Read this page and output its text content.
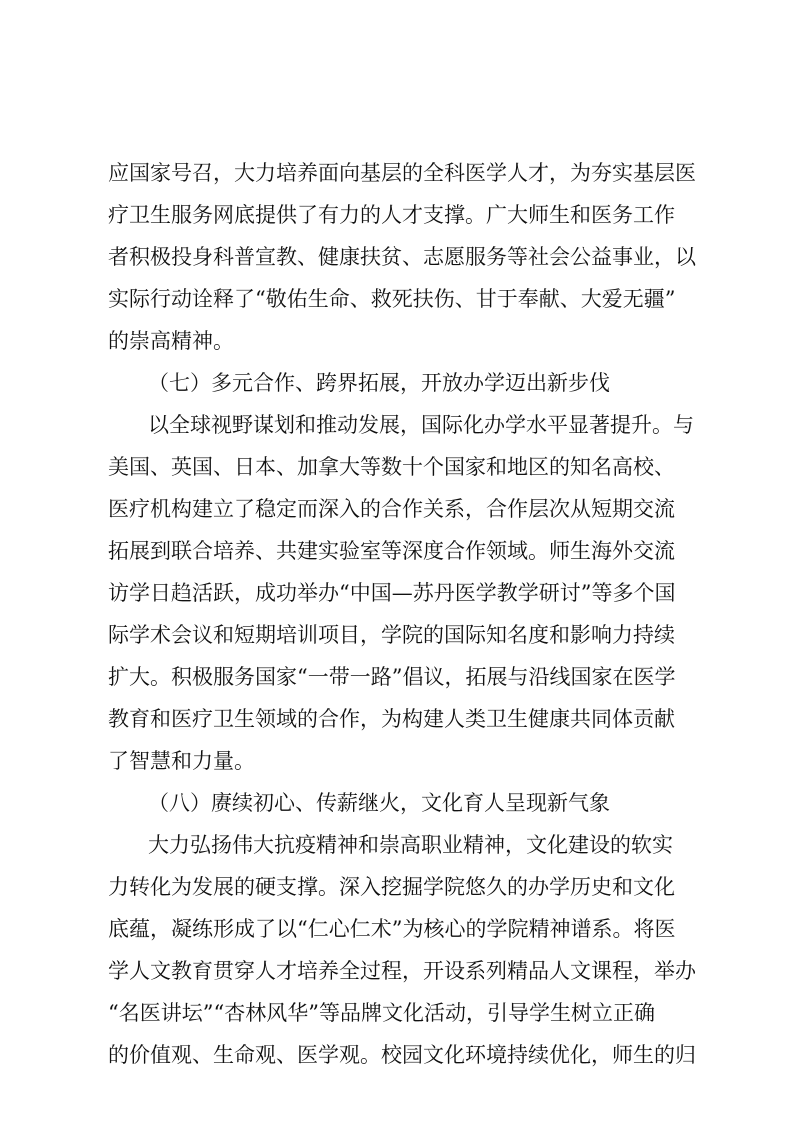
应国家号召，大力培养面向基层的全科医学人才，为夯实基层医
疗卫生服务网底提供了有力的人才支撑。广大师生和医务工作
者积极投身科普宣教、健康扶贫、志愿服务等社会公益事业，以
实际行动诠释了“敬佑生命、救死扶伤、甘于奉献、大爱无疆”
的崇高精神。
（七）多元合作、跨界拓展，开放办学迈出新步伐
以全球视野谋划和推动发展，国际化办学水平显著提升。与
美国、英国、日本、加拿大等数十个国家和地区的知名高校、
医疗机构建立了稳定而深入的合作关系，合作层次从短期交流
拓展到联合培养、共建实验室等深度合作领域。师生海外交流
访学日趋活跃，成功举办“中国—苏丹医学教学研讨”等多个国
际学术会议和短期培训项目，学院的国际知名度和影响力持续
扩大。积极服务国家“一带一路”倡议，拓展与沿线国家在医学
教育和医疗卫生领域的合作，为构建人类卫生健康共同体贡献
了智慧和力量。
（八）赓续初心、传薪继火，文化育人呈现新气象
大力弘扬伟大抗疫精神和崇高职业精神，文化建设的软实
力转化为发展的硬支撑。深入挖掘学院悠久的办学历史和文化
底蕴，凝练形成了以“仁心仁术”为核心的学院精神谱系。将医
学人文教育贯穿人才培养全过程，开设系列精品人文课程，举办
“名医讲坛”“杏林风华”等品牌文化活动，引导学生树立正确
的价值观、生命观、医学观。校园文化环境持续优化，师生的归
